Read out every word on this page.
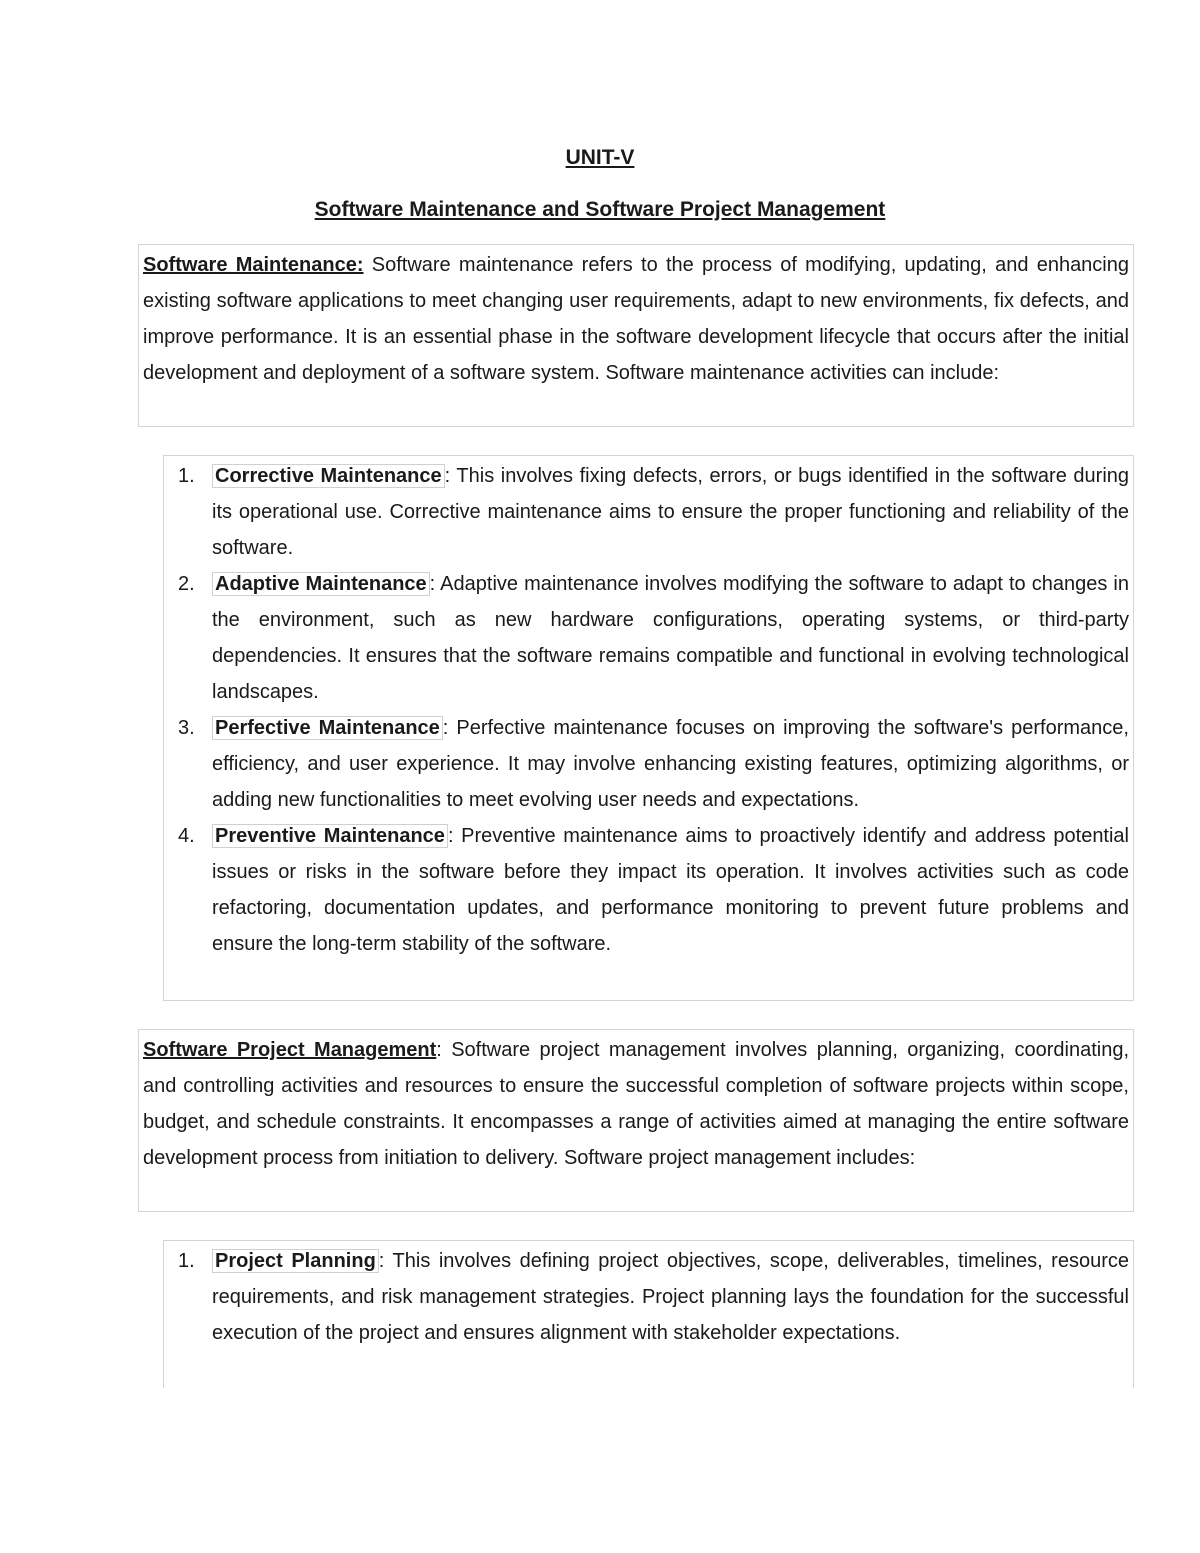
UNIT-V
Software Maintenance and Software Project Management

Software Maintenance: Software maintenance refers to the process of modifying, updating, and enhancing existing software applications to meet changing user requirements, adapt to new environments, fix defects, and improve performance. It is an essential phase in the software development lifecycle that occurs after the initial development and deployment of a software system. Software maintenance activities can include:

1. Corrective Maintenance : This involves fixing defects, errors, or bugs identified in the software during its operational use. Corrective maintenance aims to ensure the proper functioning and reliability of the software.
2. Adaptive Maintenance : Adaptive maintenance involves modifying the software to adapt to changes in the environment, such as new hardware configurations, operating systems, or third-party dependencies. It ensures that the software remains compatible and functional in evolving technological landscapes.
3. Perfective Maintenance : Perfective maintenance focuses on improving the software's performance, efficiency, and user experience. It may involve enhancing existing features, optimizing algorithms, or adding new functionalities to meet evolving user needs and expectations.
4. Preventive Maintenance : Preventive maintenance aims to proactively identify and address potential issues or risks in the software before they impact its operation. It involves activities such as code refactoring, documentation updates, and performance monitoring to prevent future problems and ensure the long-term stability of the software.

Software Project Management: Software project management involves planning, organizing, coordinating, and controlling activities and resources to ensure the successful completion of software projects within scope, budget, and schedule constraints. It encompasses a range of activities aimed at managing the entire software development process from initiation to delivery. Software project management includes:

1. Project Planning : This involves defining project objectives, scope, deliverables, timelines, resource requirements, and risk management strategies. Project planning lays the foundation for the successful execution of the project and ensures alignment with stakeholder expectations.
